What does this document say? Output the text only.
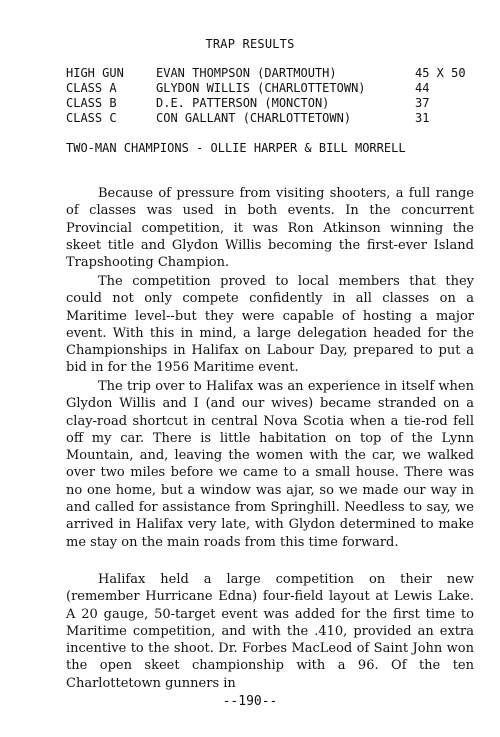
TRAP RESULTS
HIGH GUN	EVAN THOMPSON (DARTMOUTH)	45 X 50
CLASS A	GLYDON WILLIS (CHARLOTTETOWN)	44
CLASS B	D.E. PATTERSON (MONCTON)	37
CLASS C	CON GALLANT (CHARLOTTETOWN)	31
TWO-MAN CHAMPIONS - OLLIE HARPER & BILL MORRELL

Because of pressure from visiting shooters, a full range of classes was used in both events. In the concurrent Provincial competition, it was Ron Atkinson winning the skeet title and Glydon Willis becoming the first-ever Island Trapshooting Champion.

The competition proved to local members that they could not only compete confidently in all classes on a Maritime level--but they were capable of hosting a major event. With this in mind, a large delegation headed for the Championships in Halifax on Labour Day, prepared to put a bid in for the 1956 Maritime event.

The trip over to Halifax was an experience in itself when Glydon Willis and I (and our wives) became stranded on a clay-road shortcut in central Nova Scotia when a tie-rod fell off my car. There is little habitation on top of the Lynn Mountain, and, leaving the women with the car, we walked over two miles before we came to a small house. There was no one home, but a window was ajar, so we made our way in and called for assistance from Springhill. Needless to say, we arrived in Halifax very late, with Glydon determined to make me stay on the main roads from this time forward.

Halifax held a large competition on their new (remember Hurricane Edna) four-field layout at Lewis Lake. A 20 gauge, 50-target event was added for the first time to Maritime competition, and with the .410, provided an extra incentive to the shoot. Dr. Forbes MacLeod of Saint John won the open skeet championship with a 96. Of the ten Charlottetown gunners in

--190--
